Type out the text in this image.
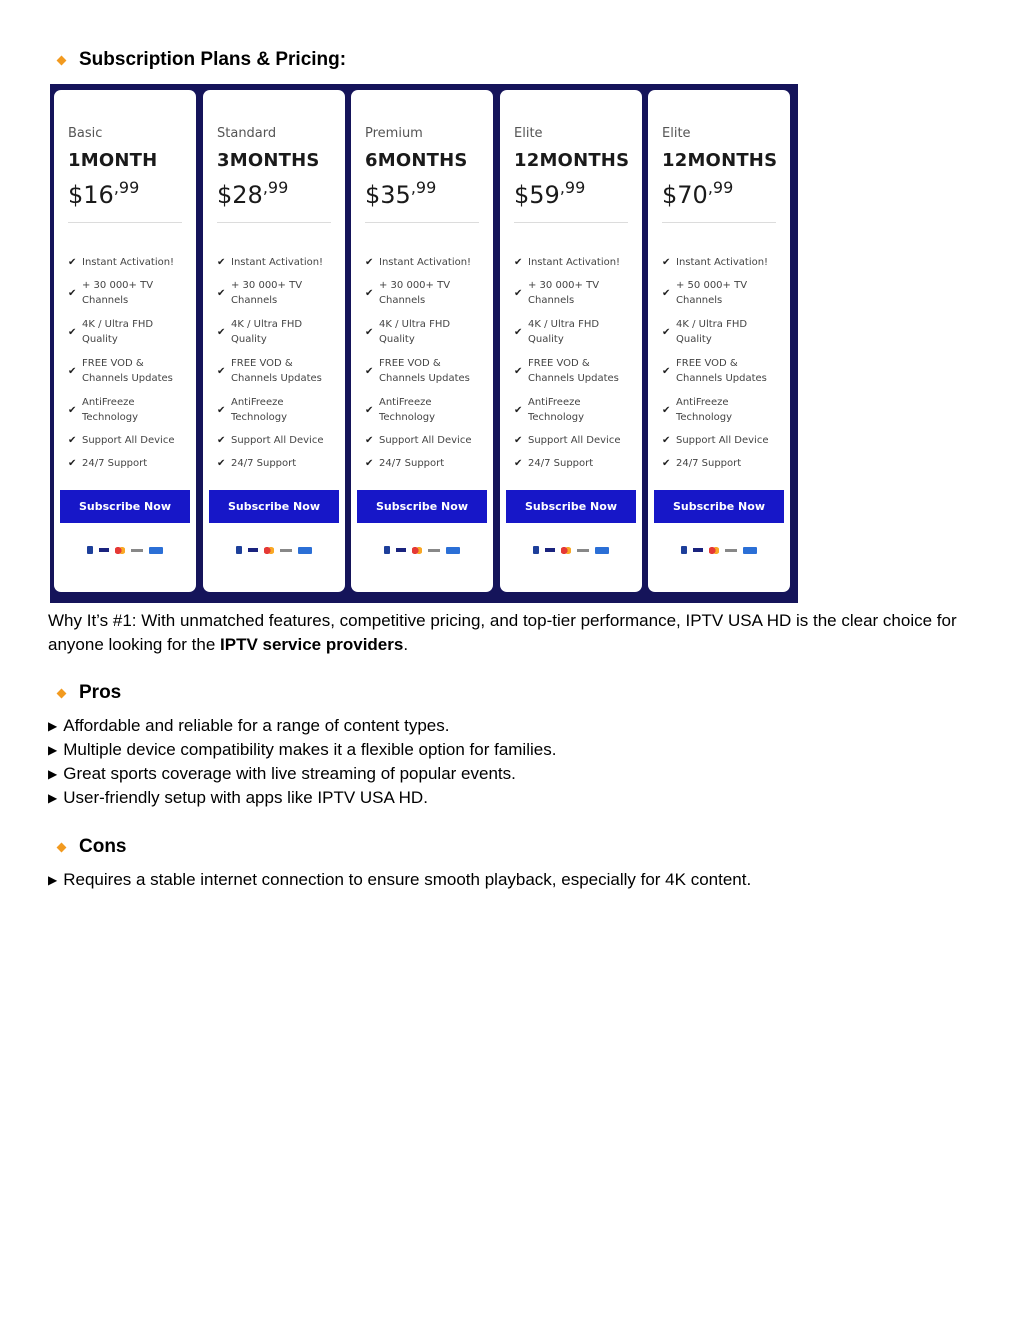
Subscription Plans & Pricing:
Basic
1MONTH
$\$16^{,99}$
✔ Instant Activation!
✔
+ 30 000+ TV
Channels
✔
4K / Ultra FHD
Quality
✔
FREE VOD &
Channels Updates
✔
AntiFreeze
Technology
✔ Support All Device
✔ 24/7 Support
Subscribe Now
Standard
3MONTHS
$\$28^{,99}$
✔ Instant Activation!
✔
+ 30 000+ TV
Channels
✔
4K / Ultra FHD
Quality
✔
FREE VOD &
Channels Updates
✔
AntiFreeze
Technology
✔ Support All Device
✔ 24/7 Support
Subscribe Now
Premium
6MONTHS
$\$35^{,99}$
✔ Instant Activation!
✔
+ 30 000+ TV
Channels
✔
4K / Ultra FHD
Quality
✔
FREE VOD &
Channels Updates
✔
AntiFreeze
Technology
✔ Support All Device
✔ 24/7 Support
Subscribe Now
Elite
12MONTHS
$\$59^{,99}$
✔ Instant Activation!
✔
+ 30 000+ TV
Channels
✔
4K / Ultra FHD
Quality
✔
FREE VOD &
Channels Updates
✔
AntiFreeze
Technology
✔ Support All Device
✔ 24/7 Support
Subscribe Now
Elite
12MONTHS
$\$70^{,99}$
✔ Instant Activation!
✔
+ 50 000+ TV
Channels
✔
4K / Ultra FHD
Quality
✔
FREE VOD &
Channels Updates
✔
AntiFreeze
Technology
✔ Support All Device
✔ 24/7 Support
Subscribe Now
Why It’s #1: With unmatched features, competitive pricing, and top-tier performance, IPTV USA HD is the clear choice for anyone looking for the IPTV service providers.
Pros
▶ Affordable and reliable for a range of content types.
▶ Multiple device compatibility makes it a flexible option for families.
▶ Great sports coverage with live streaming of popular events.
▶ User-friendly setup with apps like IPTV USA HD.
Cons
▶ Requires a stable internet connection to ensure smooth playback, especially for 4K content.
